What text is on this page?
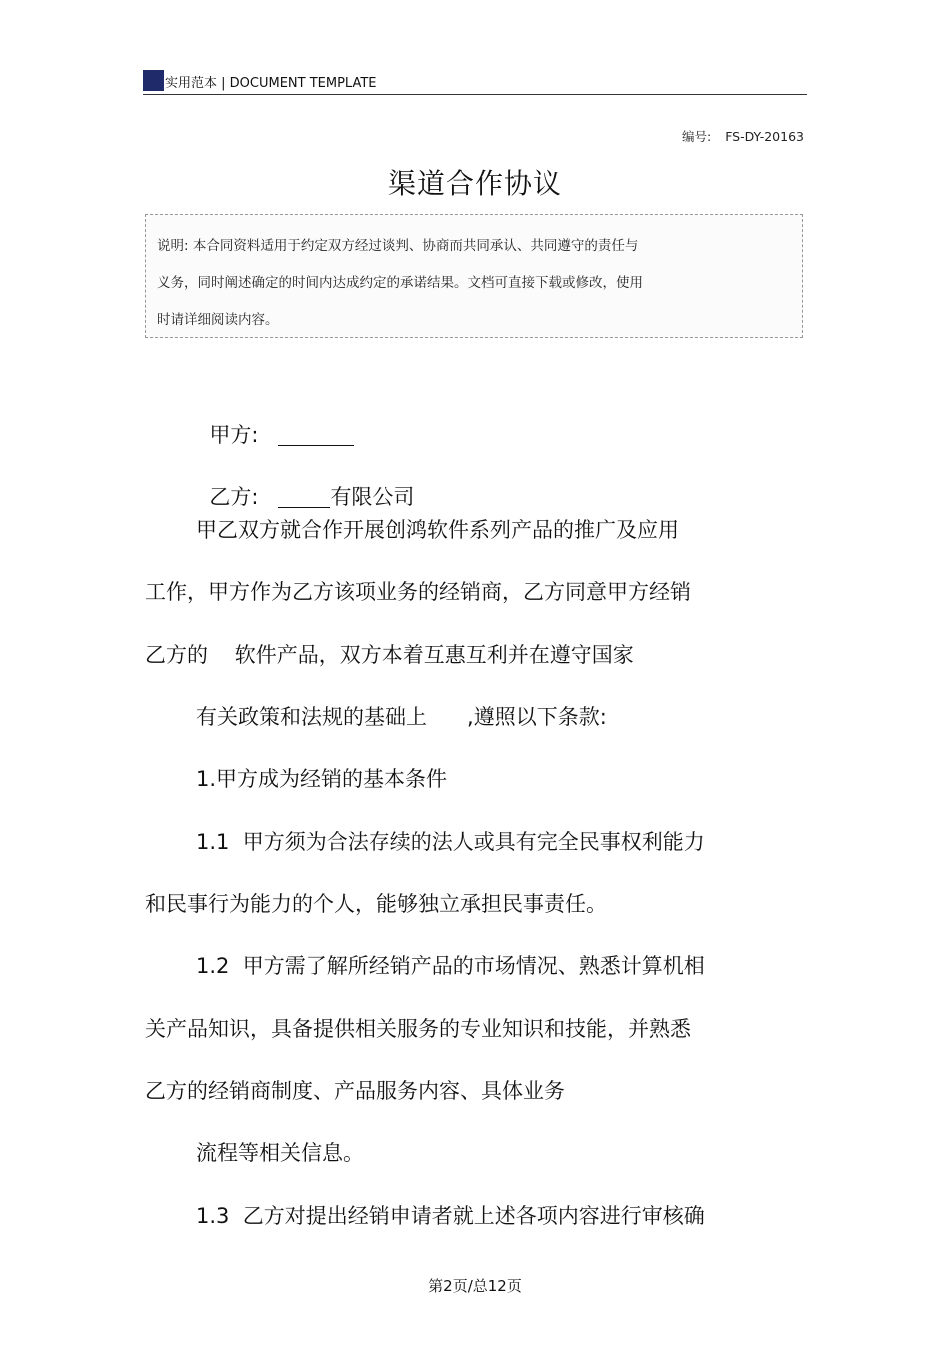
实用范本 | DOCUMENT TEMPLATE
编号: FS-DY-20163
渠道合作协议
说明: 本合同资料适用于约定双方经过谈判、协商而共同承认、共同遵守的责任与
义务，同时阐述确定的时间内达成约定的承诺结果。文档可直接下载或修改，使用
时请详细阅读内容。

甲方:

乙方:	有限公司

甲乙双方就合作开展创鸿软件系列产品的推广及应用
工作，甲方作为乙方该项业务的经销商，乙方同意甲方经销
乙方的    软件产品，双方本着互惠互利并在遵守国家
有关政策和法规的基础上      ,遵照以下条款:
1.甲方成为经销的基本条件
1.1  甲方须为合法存续的法人或具有完全民事权利能力
和民事行为能力的个人，能够独立承担民事责任。
1.2  甲方需了解所经销产品的市场情况、熟悉计算机相
关产品知识，具备提供相关服务的专业知识和技能，并熟悉
乙方的经销商制度、产品服务内容、具体业务
流程等相关信息。
1.3  乙方对提出经销申请者就上述各项内容进行审核确
第2页/总12页
